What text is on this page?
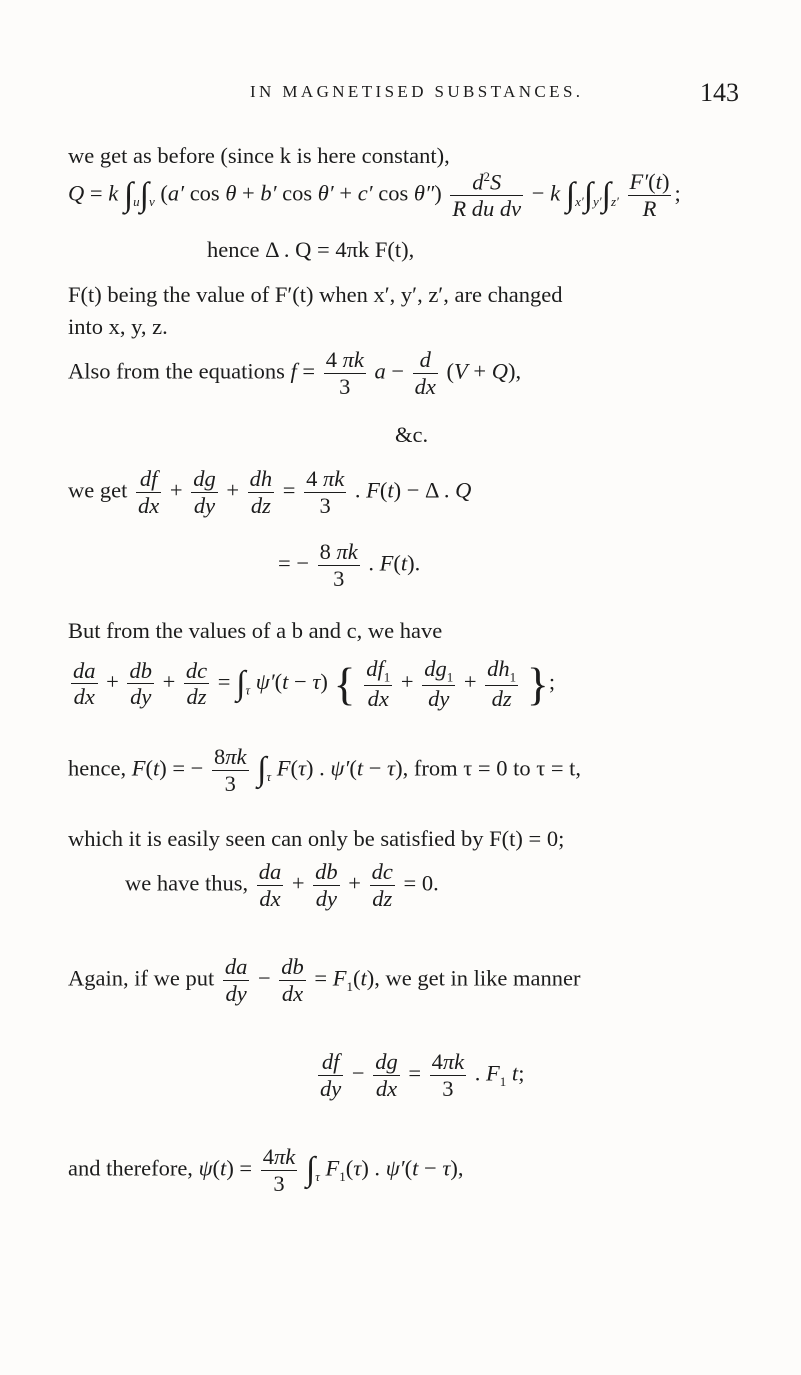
IN MAGNETISED SUBSTANCES.	143
we get as before (since k is here constant),
Q = k $\int_u\int_v$ (a′ cos θ + b′ cos θ′ + c′ $\cos \theta'') \frac{d^2S}{\text{R du dv}} - k$ $\int_{x'}\int_{y'}\int_{z'} \frac{F'(t)}{R}$ ;
hence Δ . Q = 4πk F(t),
F(t) being the value of F′(t) when x′, y′, z′, are changed
into x, y, z.
Also from the equations $f = \frac{4 \pi k}{3}$ $a - \frac{d}{dx} (V + Q)$,
&c.
we get $\frac{df}{dx} + \frac{dg}{dy} + \frac{dh}{dz} = \frac{4 \pi k}{3}$ . F(t) − Δ . Q
= − $\frac{8 \pi k}{3}$ . F(t).
But from the values of a b and c, we have
$\frac{da}{dx} + \frac{db}{dy} + \frac{dc}{dz} = \int_\tau$ ψ′(t − τ) { $\frac{df_1}{dx} + \frac{dg_1}{dy} + \frac{dh_1}{dz}$ };
hence, F(t) = − $\frac{8\pi k}{3} \int_\tau$ F(τ) . ψ′(t − τ), from τ = 0 to τ = t,
which it is easily seen can only be satisfied by F(t) = 0;
we have thus, $\frac{da}{dx} + \frac{db}{dy} + \frac{dc}{dz} = 0$.
Again, if we put $\frac{da}{dy} - \frac{db}{dx} = F_1(t)$, we get in like manner
$\frac{df}{dy} - \frac{dg}{dx} = \frac{4\pi k}{3}$ . $F_1$ t;
and therefore, $\psi(t) = \frac{4\pi k}{3} \int_\tau$ $F_1(\tau)$ . ψ′(t − τ),
